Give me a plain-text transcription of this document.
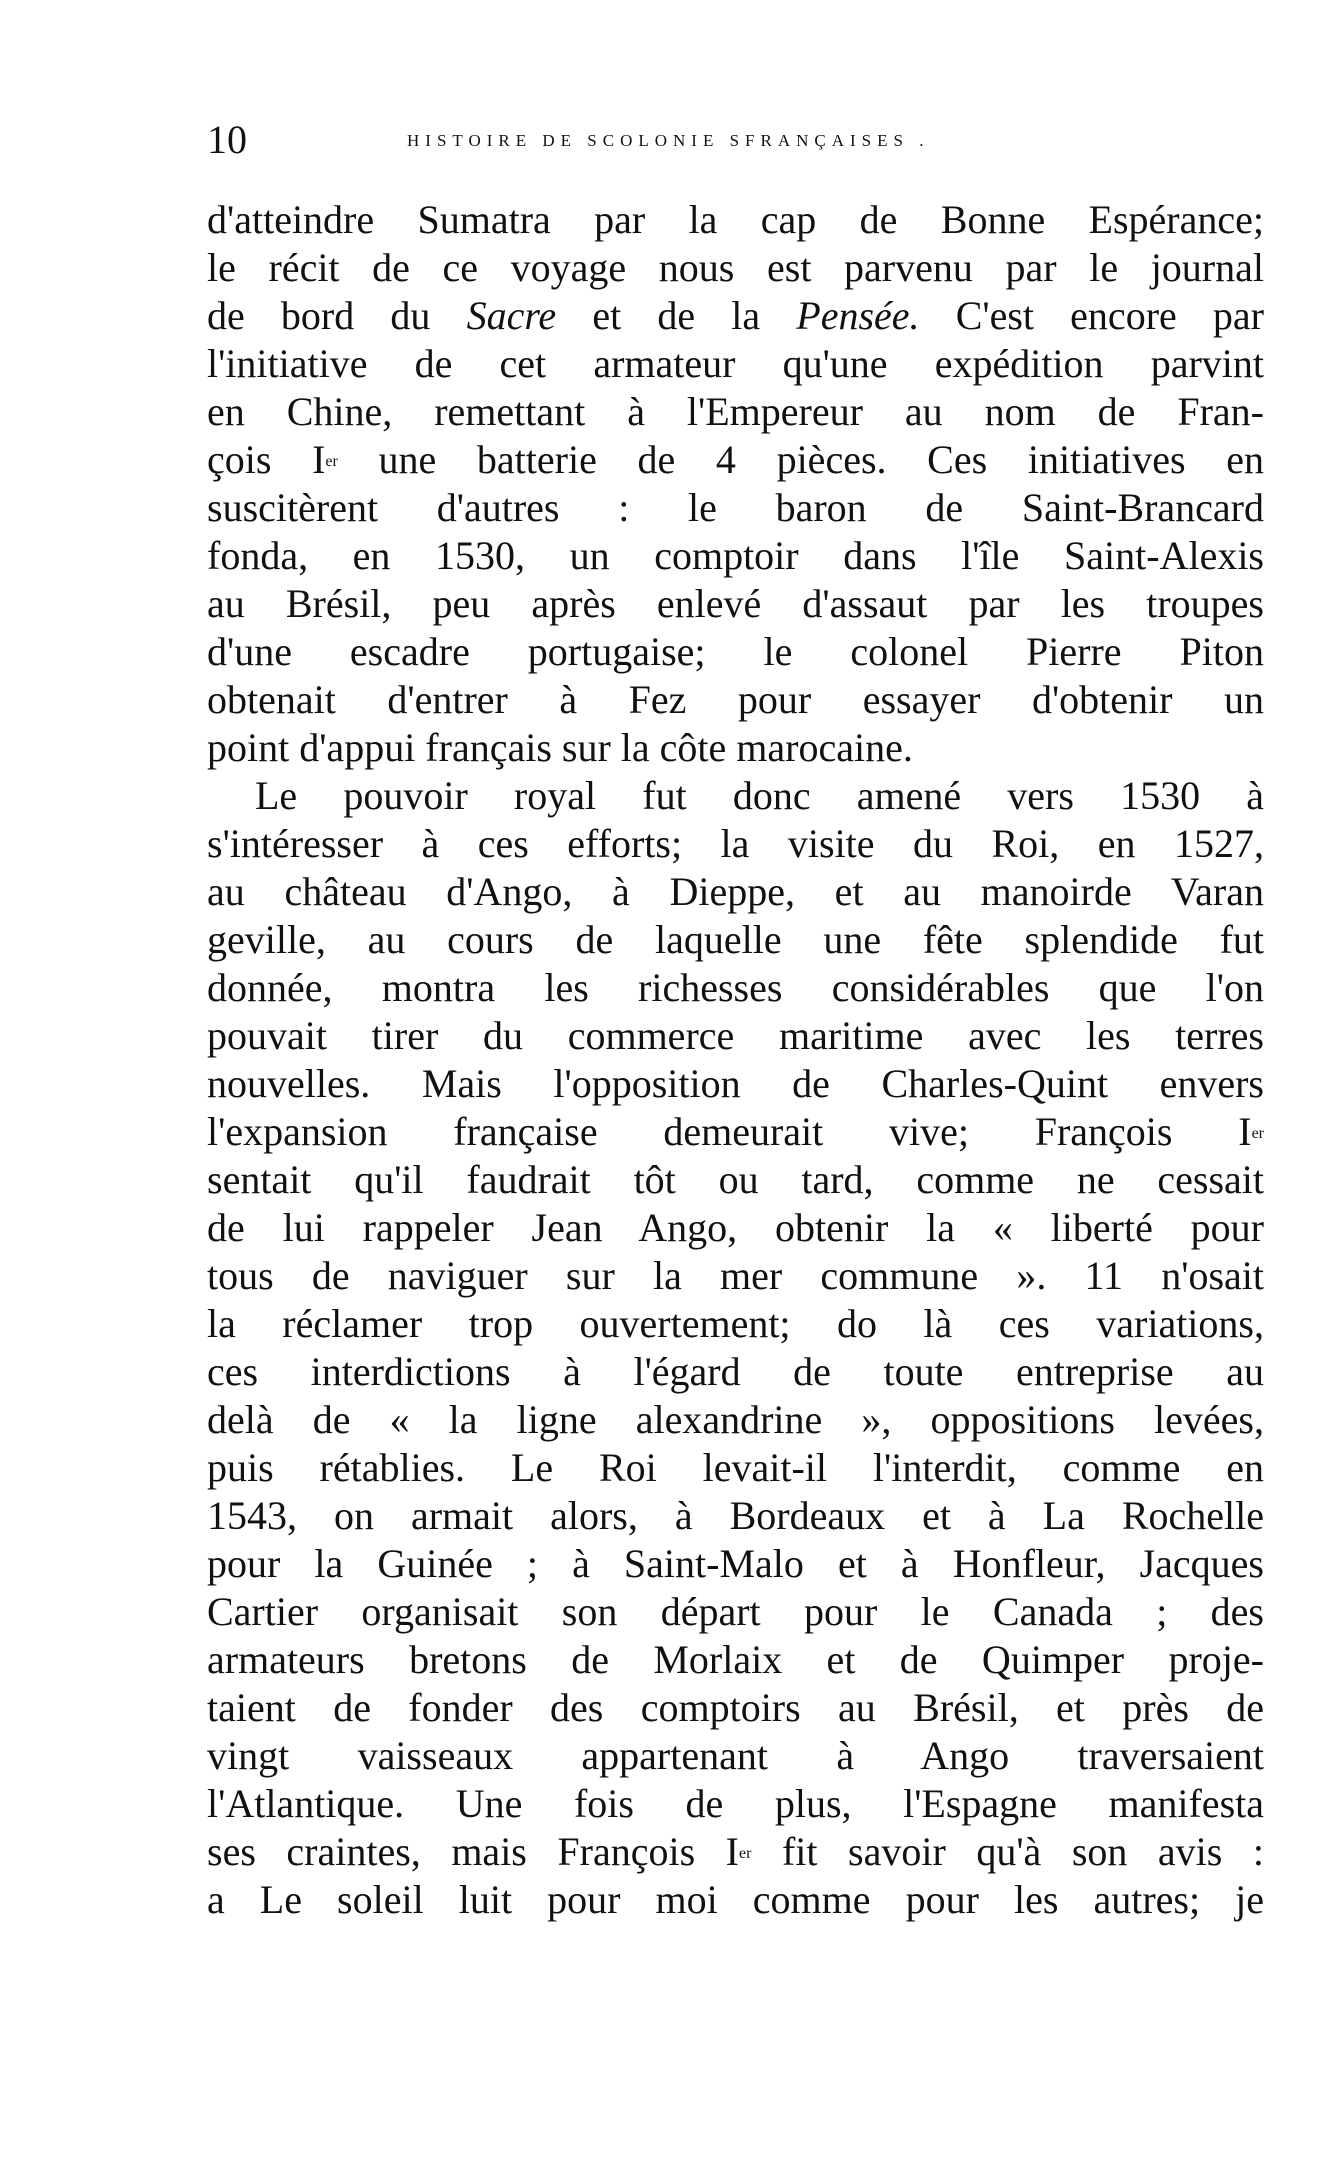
10	HISTOIRE DE SCOLONIE SFRANÇAISES .
d'atteindre Sumatra par la cap de Bonne Espérance;
le récit de ce voyage nous est parvenu par le journal
de bord du Sacre et de la Pensée. C'est encore par
l'initiative de cet armateur qu'une expédition parvint
en Chine, remettant à l'Empereur au nom de Fran-
çois Ier une batterie de 4 pièces. Ces initiatives en
suscitèrent d'autres : le baron de Saint-Brancard
fonda, en 1530, un comptoir dans l'île Saint-Alexis
au Brésil, peu après enlevé d'assaut par les troupes
d'une escadre portugaise; le colonel Pierre Piton
obtenait d'entrer à Fez pour essayer d'obtenir un
point d'appui français sur la côte marocaine.
Le pouvoir royal fut donc amené vers 1530 à
s'intéresser à ces efforts; la visite du Roi, en 1527,
au château d'Ango, à Dieppe, et au manoirde Varan
geville, au cours de laquelle une fête splendide fut
donnée, montra les richesses considérables que l'on
pouvait tirer du commerce maritime avec les terres
nouvelles. Mais l'opposition de Charles-Quint envers
l'expansion française demeurait vive; François Ier
sentait qu'il faudrait tôt ou tard, comme ne cessait
de lui rappeler Jean Ango, obtenir la « liberté pour
tous de naviguer sur la mer commune ». 11 n'osait
la réclamer trop ouvertement; do là ces variations,
ces interdictions à l'égard de toute entreprise au
delà de « la ligne alexandrine », oppositions levées,
puis rétablies. Le Roi levait-il l'interdit, comme en
1543, on armait alors, à Bordeaux et à La Rochelle
pour la Guinée ; à Saint-Malo et à Honfleur, Jacques
Cartier organisait son départ pour le Canada ; des
armateurs bretons de Morlaix et de Quimper proje-
taient de fonder des comptoirs au Brésil, et près de
vingt vaisseaux appartenant à Ango traversaient
l'Atlantique. Une fois de plus, l'Espagne manifesta
ses craintes, mais François Ier fit savoir qu'à son avis :
a Le soleil luit pour moi comme pour les autres; je
